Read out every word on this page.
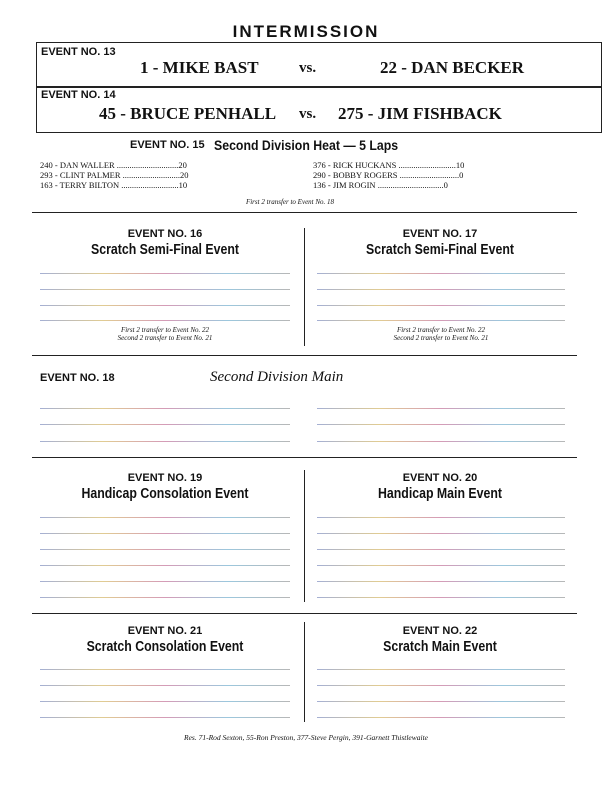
INTERMISSION
EVENT NO. 13
1 - MIKE BAST	vs.	22 - DAN BECKER
EVENT NO. 14
45 - BRUCE PENHALL vs. 275 - JIM FISHBACK
EVENT NO. 15 Second Division Heat — 5 Laps
240 - DAN WALLER .............................20
293 - CLINT PALMER ...........................20
163 - TERRY BILTON ...........................10
376 - RICK HUCKANS ...........................10
290 - BOBBY ROGERS ............................0
136 - JIM ROGIN ...............................0
First 2 transfer to Event No. 18
EVENT NO. 16
Scratch Semi-Final Event
EVENT NO. 17
Scratch Semi-Final Event
First 2 transfer to Event No. 22
Second 2 transfer to Event No. 21
First 2 transfer to Event No. 22
Second 2 transfer to Event No. 21
EVENT NO. 18	Second Division Main
EVENT NO. 19
Handicap Consolation Event
EVENT NO. 20
Handicap Main Event
EVENT NO. 21
Scratch Consolation Event
EVENT NO. 22
Scratch Main Event
Res. 71-Rod Sexton, 55-Ron Preston, 377-Steve Pergin, 391-Garnett Thistlewaite
